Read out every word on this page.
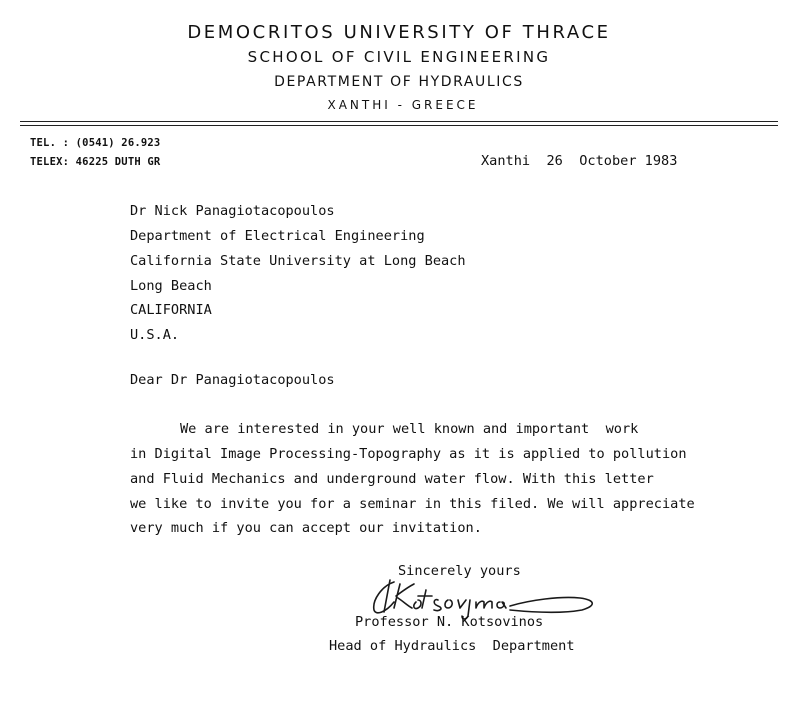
DEMOCRITOS UNIVERSITY OF THRACE
SCHOOL OF CIVIL ENGINEERING
DEPARTMENT OF HYDRAULICS
XANTHI - GREECE
TEL. : (0541) 26.923
TELEX: 46225 DUTH GR	Xanthi  26  October 1983
Dr Nick Panagiotacopoulos
Department of Electrical Engineering
California State University at Long Beach
Long Beach
CALIFORNIA
U.S.A.
Dear Dr Panagiotacopoulos
We are interested in your well known and important  work
in Digital Image Processing-Topography as it is applied to pollution
and Fluid Mechanics and underground water flow. With this letter
we like to invite you for a seminar in this filed. We will appreciate
very much if you can accept our invitation.
Sincerely yours
Professor N. Kotsovinos
Head of Hydraulics  Department
